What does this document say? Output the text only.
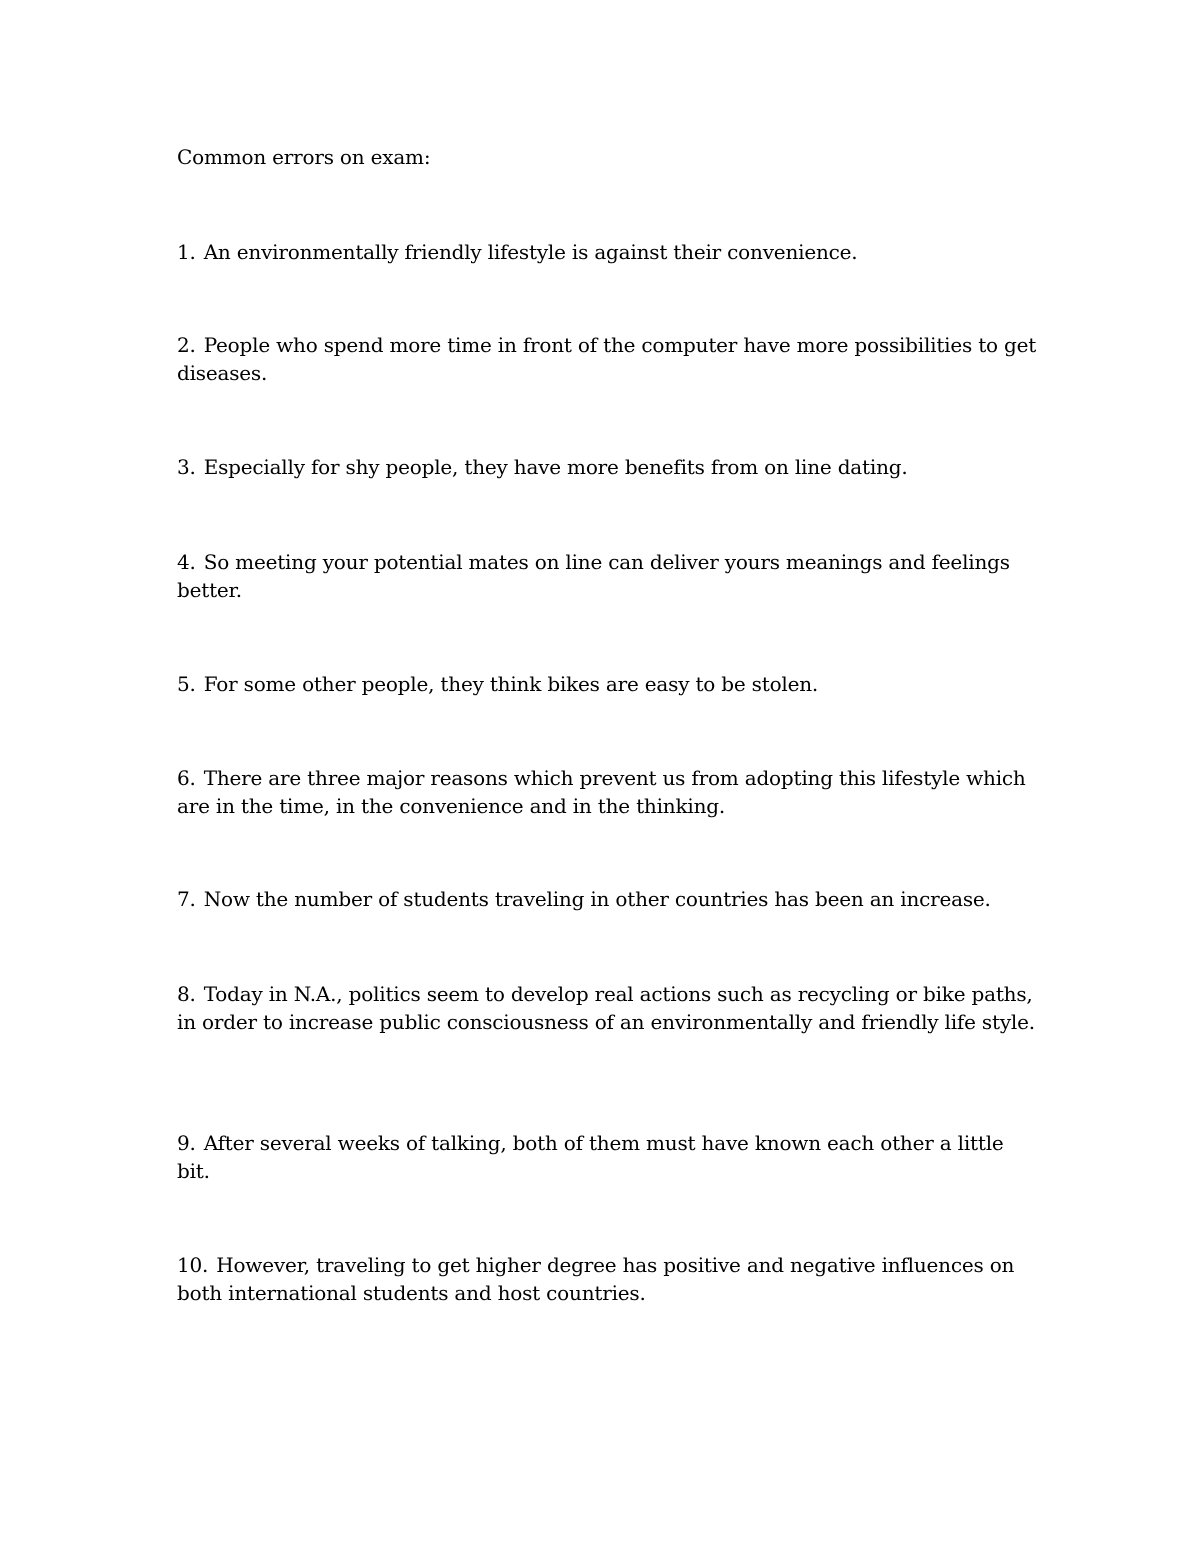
Common errors on exam:

1. An environmentally friendly lifestyle is against their convenience.

2. People who spend more time in front of the computer have more possibilities to get diseases.

3. Especially for shy people, they have more benefits from on line dating.

4. So meeting your potential mates on line can deliver yours meanings and feelings better.

5. For some other people, they think bikes are easy to be stolen.

6. There are three major reasons which prevent us from adopting this lifestyle which are in the time, in the convenience and in the thinking.

7. Now the number of students traveling in other countries has been an increase.

8. Today in N.A., politics seem to develop real actions such as recycling or bike paths, in order to increase public consciousness of an environmentally and friendly life style.

9. After several weeks of talking, both of them must have known each other a little bit.

10. However, traveling to get higher degree has positive and negative influences on both international students and host countries.
